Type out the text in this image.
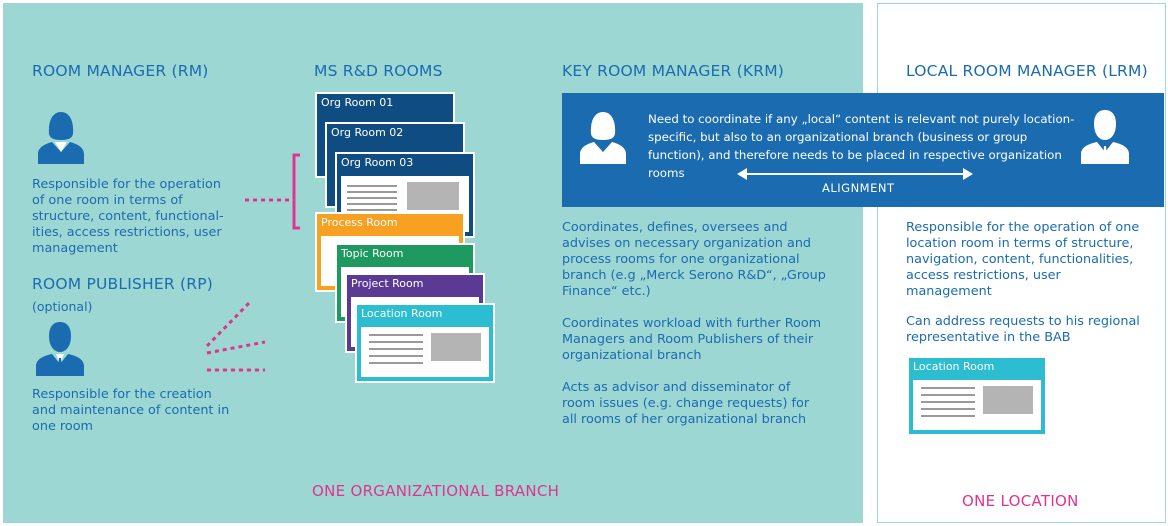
ROOM MANAGER (RM)
Responsible for the operation of one room in terms of structure, content, functional-ities, access restrictions, user management
ROOM PUBLISHER (RP)
(optional)
Responsible for the creation and maintenance of content in one room
MS R&D ROOMS
Org Room 01
Org Room 02
Org Room 03
Process Room
Topic Room
Project Room
Location Room
KEY ROOM MANAGER (KRM)
Need to coordinate if any „local“ content is relevant not purely location-specific, but also to an organizational branch (business or group function), and therefore needs to be placed in respective organization rooms
ALIGNMENT
Coordinates, defines, oversees and advises on necessary organization and process rooms for one organizational branch (e.g „Merck Serono R&D“, „Group Finance“ etc.)
Coordinates workload with further Room Managers and Room Publishers of their organizational branch
Acts as advisor and disseminator of room issues (e.g. change requests) for all rooms of her organizational branch
LOCAL ROOM MANAGER (LRM)
Responsible for the operation of one location room in terms of structure, navigation, content, functionalities, access restrictions, user management
Can address requests to his regional representative in the BAB
Location Room
ONE ORGANIZATIONAL BRANCH
ONE LOCATION
